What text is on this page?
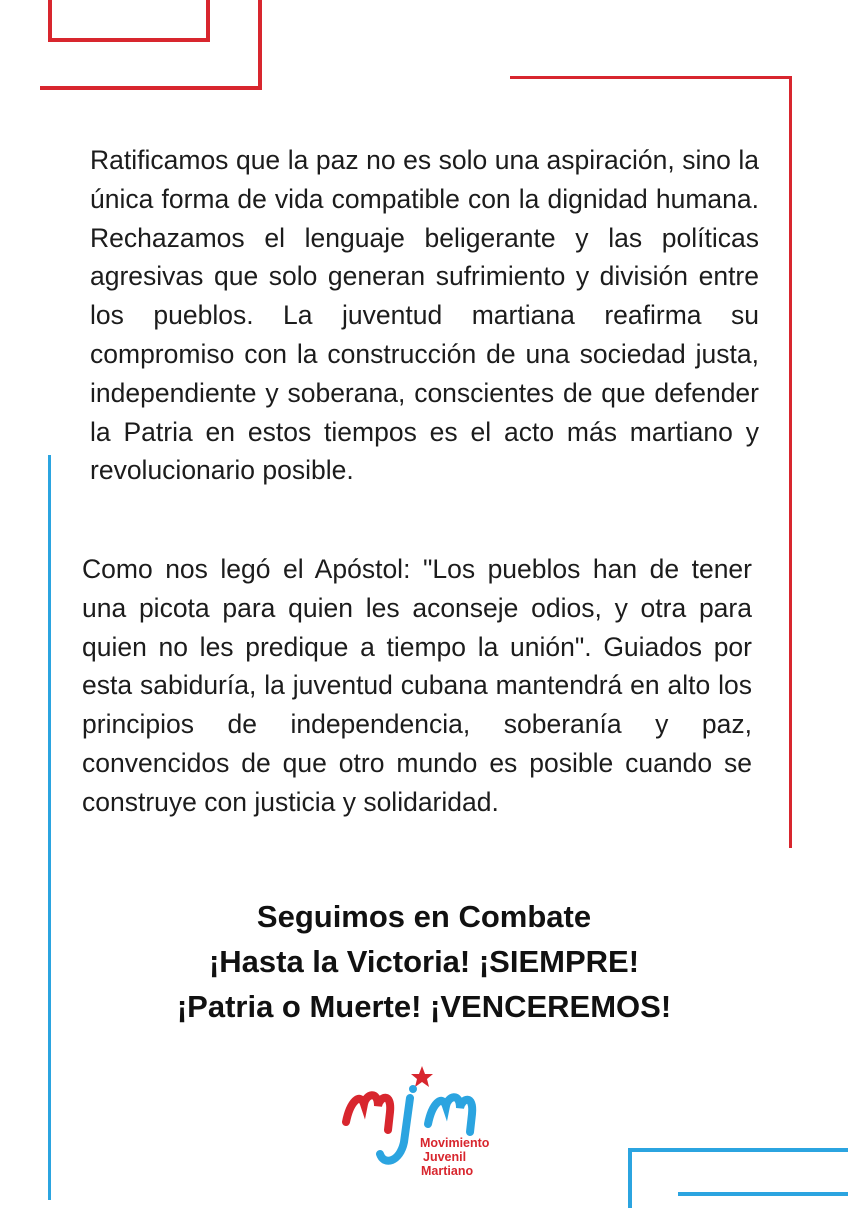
Ratificamos que la paz no es solo una aspiración, sino la única forma de vida compatible con la dignidad humana. Rechazamos el lenguaje beligerante y las políticas agresivas que solo generan sufrimiento y división entre los pueblos. La juventud martiana reafirma su compromiso con la construcción de una sociedad justa, independiente y soberana, conscientes de que defender la Patria en estos tiempos es el acto más martiano y revolucionario posible.

Como nos legó el Apóstol: "Los pueblos han de tener una picota para quien les aconseje odios, y otra para quien no les predique a tiempo la unión". Guiados por esta sabiduría, la juventud cubana mantendrá en alto los principios de independencia, soberanía y paz, convencidos de que otro mundo es posible cuando se construye con justicia y solidaridad.

Seguimos en Combate
¡Hasta la Victoria! ¡SIEMPRE!
¡Patria o Muerte! ¡VENCEREMOS!
mjm
Movimiento
Juvenil
Martiano
